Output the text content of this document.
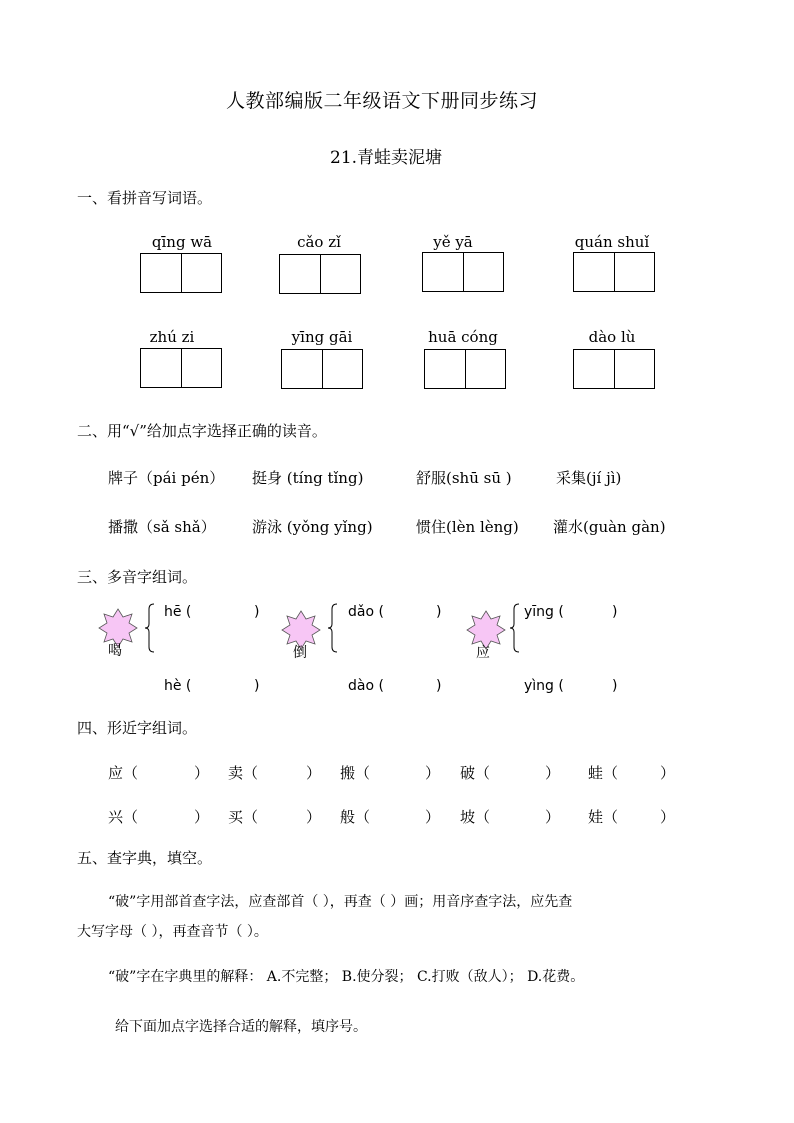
人教部编版二年级语文下册同步练习
21.青蛙卖泥塘
一、看拼音写词语。
qīng wā	cǎo zǐ	yě yā	quán shuǐ
zhú zi	yīng gāi	huā cóng	dào lù
二、用“√”给加点字选择正确的读音。
牌子（pái pén） 挺身 (tíng tǐng)	舒服(shū sū )	采集(jí jì)
播撒（sǎ shǎ） 游泳 (yǒng yǐng)	惯住(lèn lèng) 灌水(guàn gàn)
三、多音字组词。
喝
hē (	)
hè (	)
倒
dǎo (	)
dào (	)
应
yīng (	)
yìng (	)
四、形近字组词。
应（	） 卖（	） 搬（	） 破（	） 蛙（	）
兴（	） 买（	） 般（	） 坡（	） 娃（	）
五、查字典，填空。
“破”字用部首查字法，应查部首（ ），再查（ ）画；用音序查字法，应先查
大写字母（ ），再查音节（ ）。
“破”字在字典里的解释： A.不完整； B.使分裂； C.打败（敌人）； D.花费。
给下面加点字选择合适的解释，填序号。
